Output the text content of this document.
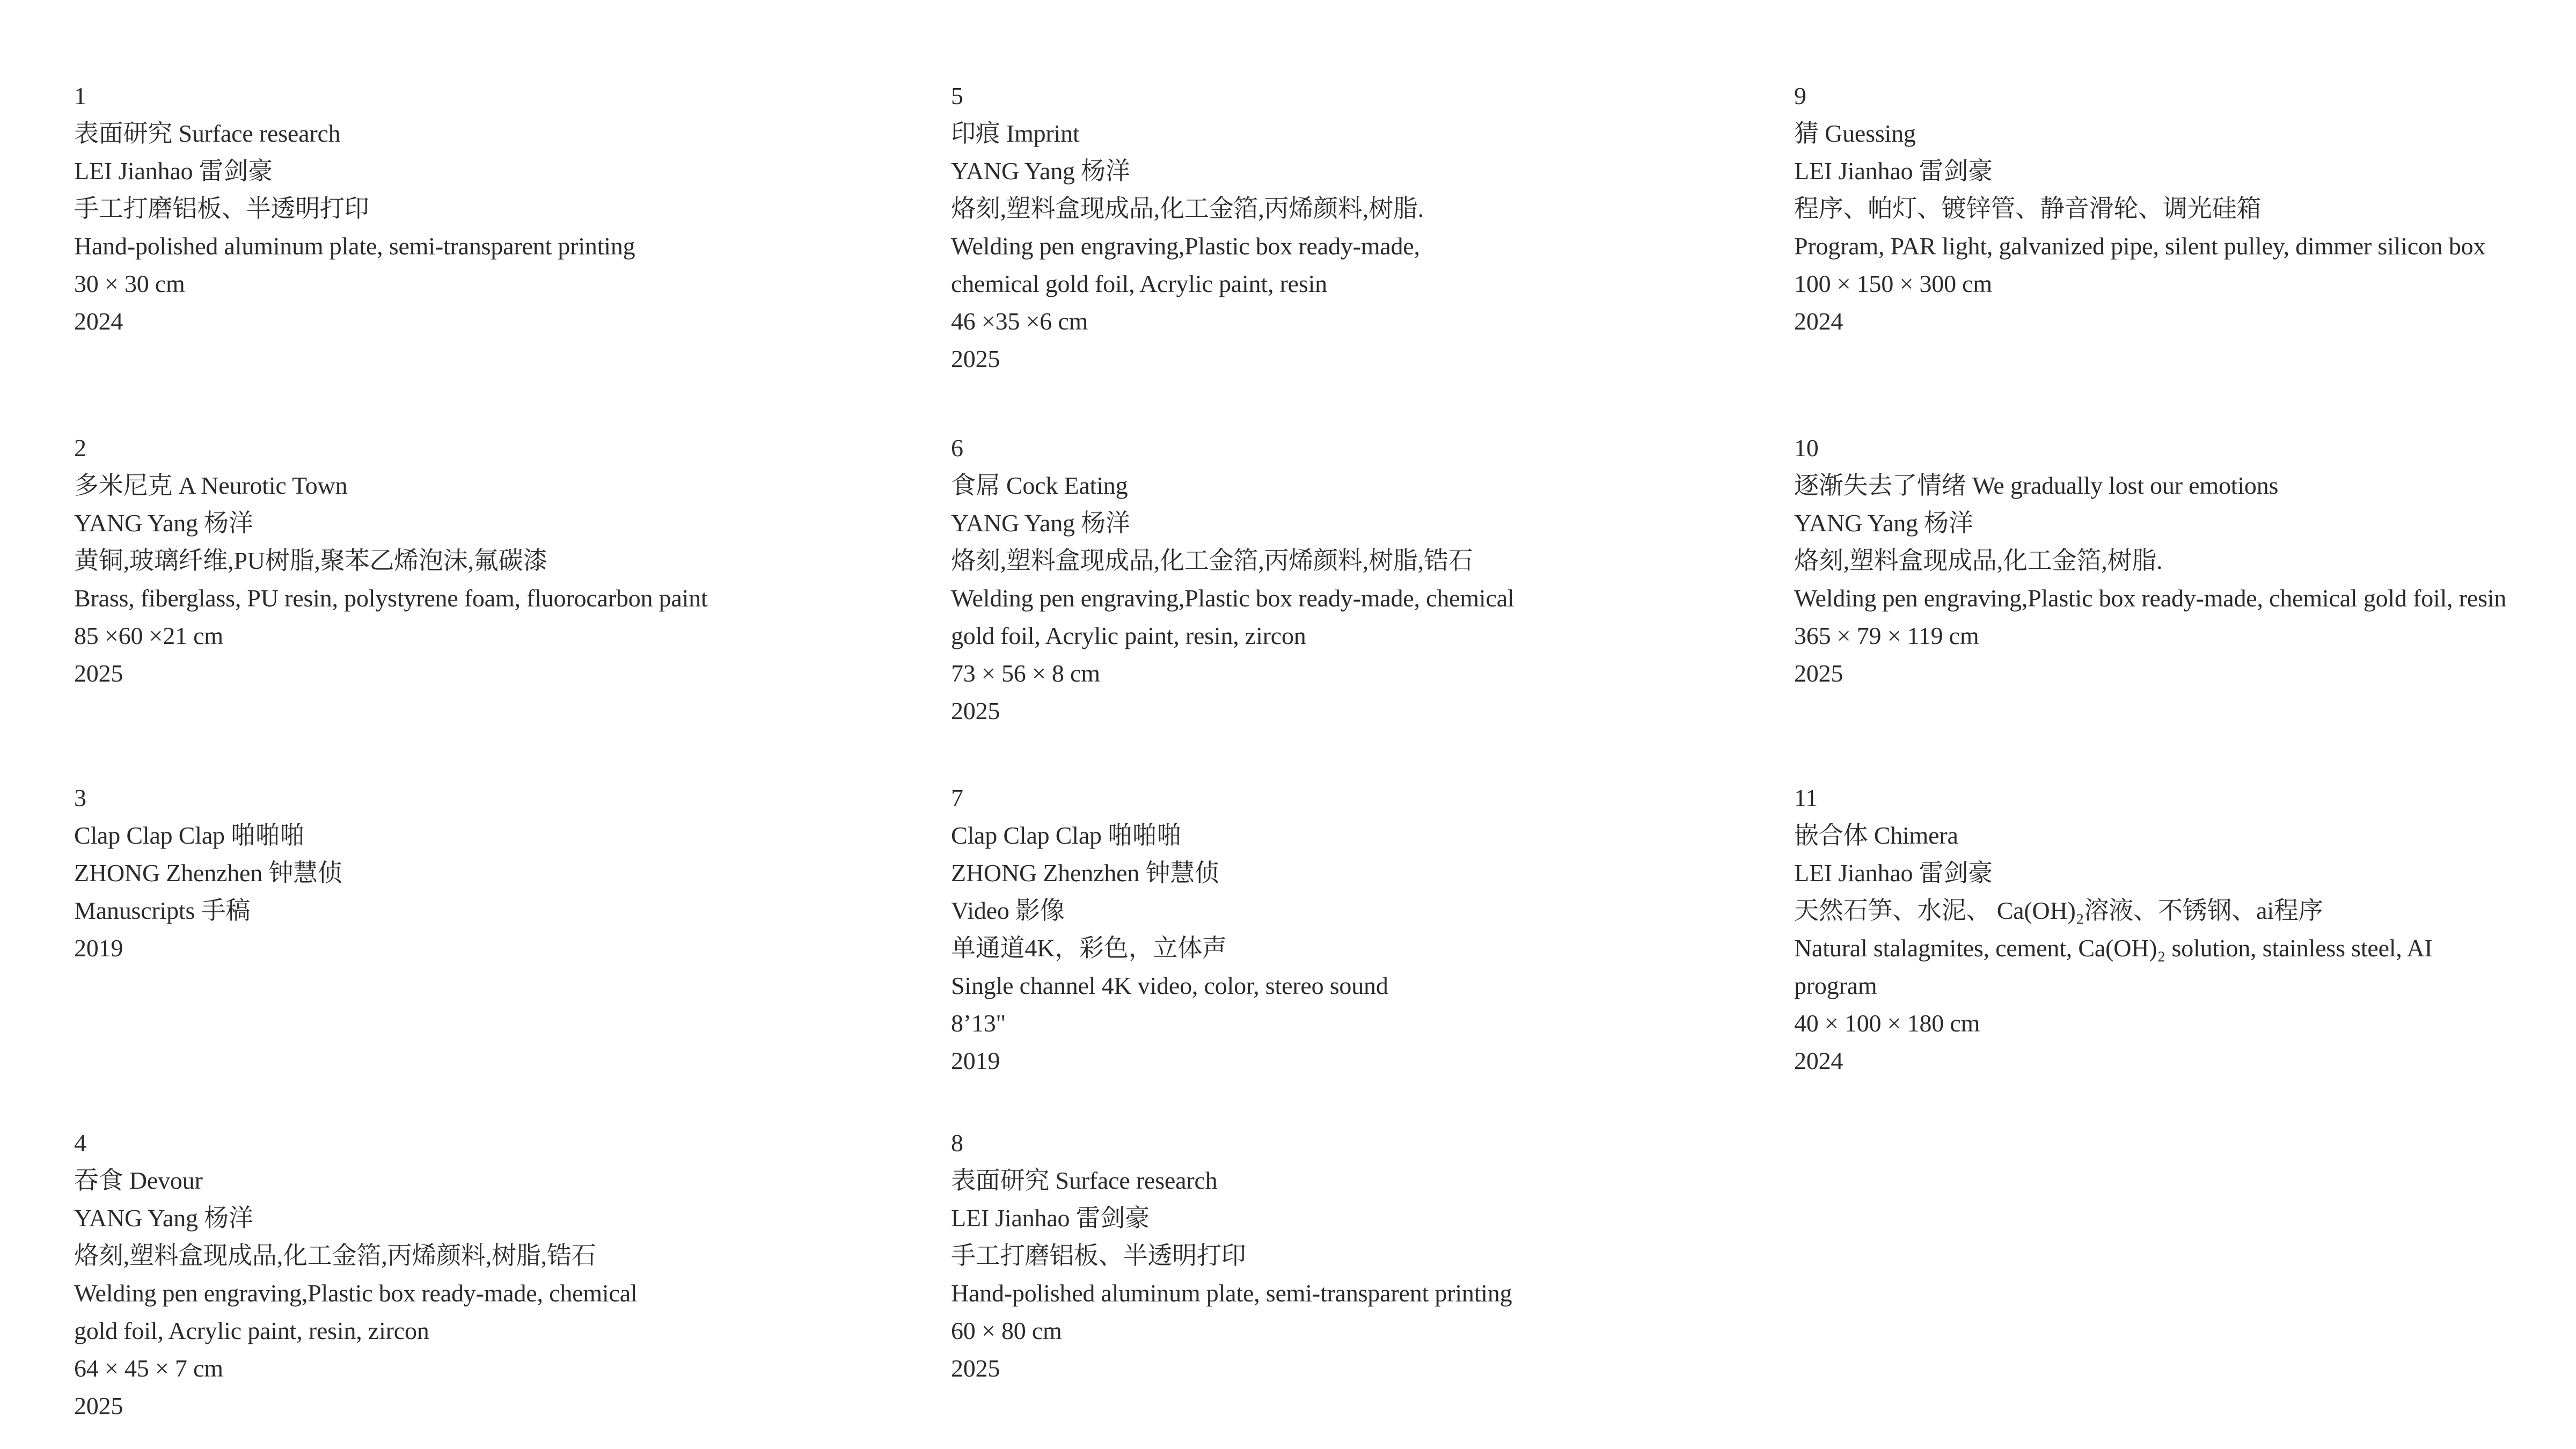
1
表面研究 Surface research
LEI Jianhao 雷剑豪
手工打磨铝板、半透明打印
Hand-polished aluminum plate, semi-transparent printing
30 × 30 cm
2024
2
多米尼克 A Neurotic Town
YANG Yang 杨洋
黄铜,玻璃纤维,PU树脂,聚苯乙烯泡沫,氟碳漆
Brass, fiberglass, PU resin, polystyrene foam, fluorocarbon paint
85 ×60 ×21 cm
2025
3
Clap Clap Clap 啪啪啪
ZHONG Zhenzhen 钟慧侦
Manuscripts 手稿
2019
4
吞食 Devour
YANG Yang 杨洋
烙刻,塑料盒现成品,化工金箔,丙烯颜料,树脂,锆石
Welding pen engraving,Plastic box ready-made, chemical
gold foil, Acrylic paint, resin, zircon
64 × 45 × 7 cm
2025
5
印痕 Imprint
YANG Yang 杨洋
烙刻,塑料盒现成品,化工金箔,丙烯颜料,树脂.
Welding pen engraving,Plastic box ready-made,
chemical gold foil, Acrylic paint, resin
46 ×35 ×6 cm
2025
6
食屌 Cock Eating
YANG Yang 杨洋
烙刻,塑料盒现成品,化工金箔,丙烯颜料,树脂,锆石
Welding pen engraving,Plastic box ready-made, chemical
gold foil, Acrylic paint, resin, zircon
73 × 56 × 8 cm
2025
7
Clap Clap Clap 啪啪啪
ZHONG Zhenzhen 钟慧侦
Video 影像
单通道4K，彩色，立体声
Single channel 4K video, color, stereo sound
8’13"
2019
8
表面研究 Surface research
LEI Jianhao 雷剑豪
手工打磨铝板、半透明打印
Hand-polished aluminum plate, semi-transparent printing
60 × 80 cm
2025
9
猜 Guessing
LEI Jianhao 雷剑豪
程序、帕灯、镀锌管、静音滑轮、调光硅箱
Program, PAR light, galvanized pipe, silent pulley, dimmer silicon box
100 × 150 × 300 cm
2024
10
逐渐失去了情绪 We gradually lost our emotions
YANG Yang 杨洋
烙刻,塑料盒现成品,化工金箔,树脂.
Welding pen engraving,Plastic box ready-made, chemical gold foil, resin
365 × 79 × 119 cm
2025
11
嵌合体 Chimera
LEI Jianhao 雷剑豪
天然石笋、水泥、 Ca(OH)₂溶液、不锈钢、ai程序
Natural stalagmites, cement, Ca(OH)₂ solution, stainless steel, AI
program
40 × 100 × 180 cm
2024
